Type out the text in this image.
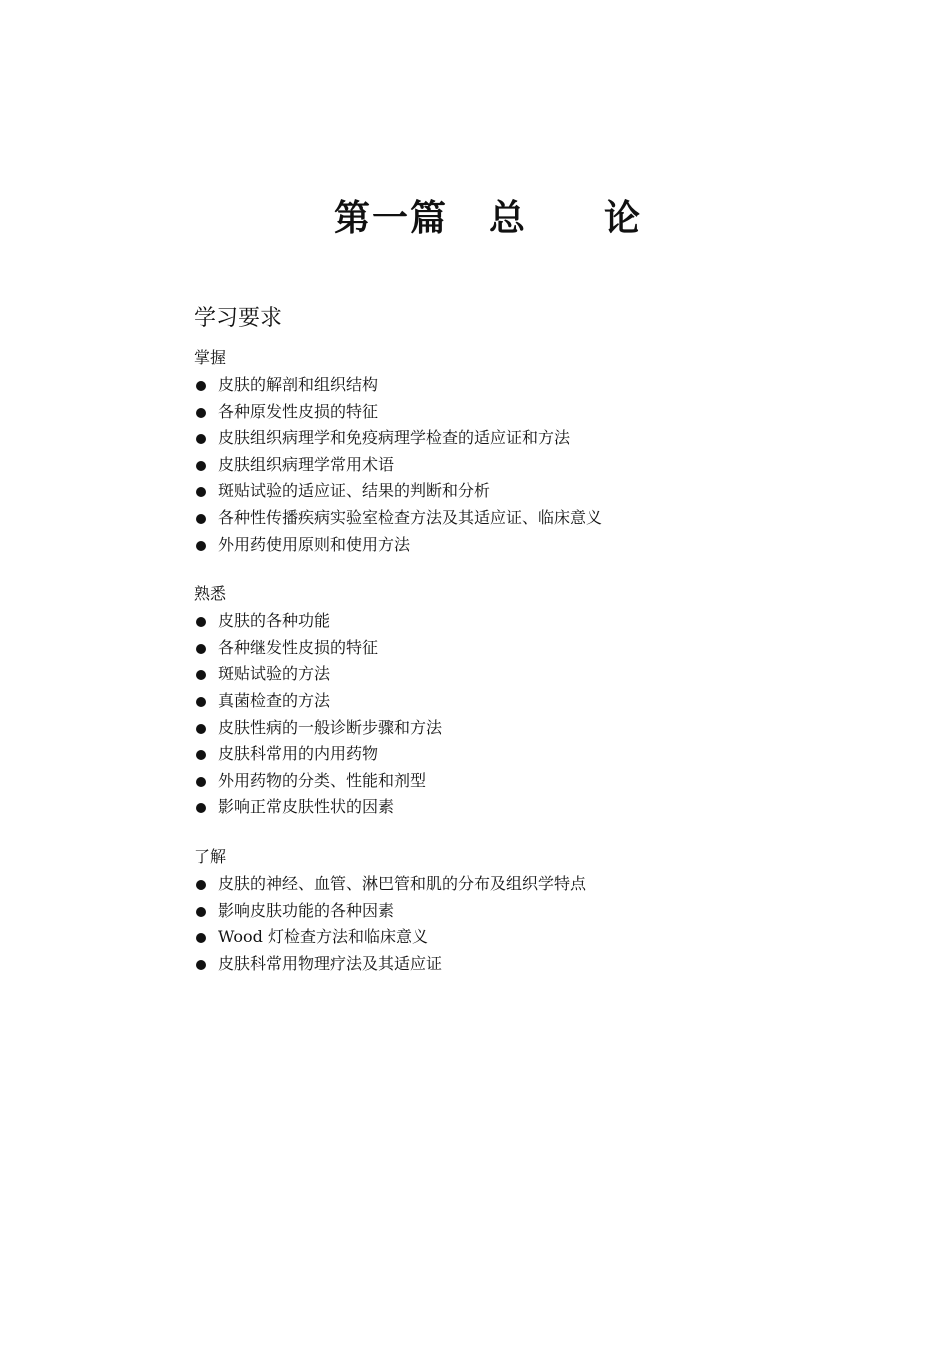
第一篇 总 论
学习要求
掌握
皮肤的解剖和组织结构
各种原发性皮损的特征
皮肤组织病理学和免疫病理学检查的适应证和方法
皮肤组织病理学常用术语
斑贴试验的适应证、结果的判断和分析
各种性传播疾病实验室检查方法及其适应证、临床意义
外用药使用原则和使用方法
熟悉
皮肤的各种功能
各种继发性皮损的特征
斑贴试验的方法
真菌检查的方法
皮肤性病的一般诊断步骤和方法
皮肤科常用的内用药物
外用药物的分类、性能和剂型
影响正常皮肤性状的因素
了解
皮肤的神经、血管、淋巴管和肌的分布及组织学特点
影响皮肤功能的各种因素
Wood 灯检查方法和临床意义
皮肤科常用物理疗法及其适应证
